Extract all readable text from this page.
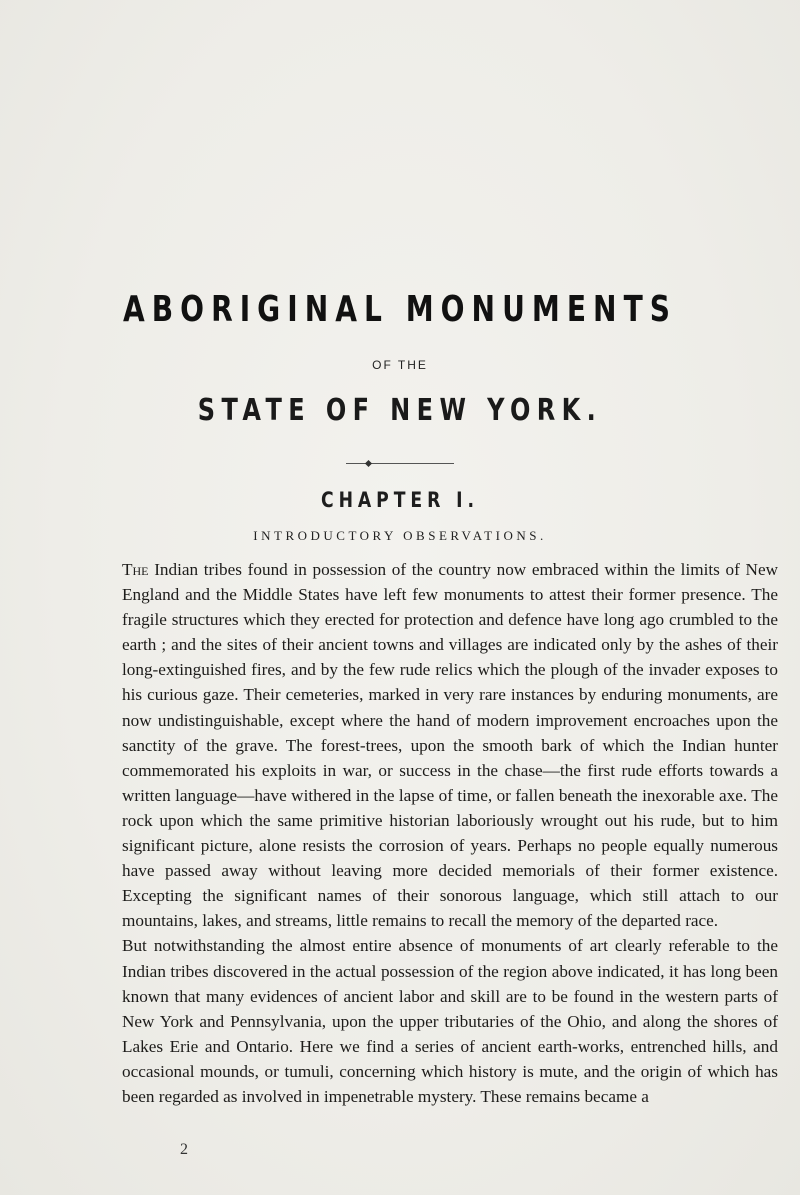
ABORIGINAL MONUMENTS
OF THE
STATE OF NEW YORK.
CHAPTER I.
INTRODUCTORY OBSERVATIONS.

The Indian tribes found in possession of the country now embraced within the limits of New England and the Middle States have left few monuments to attest their former presence. The fragile structures which they erected for protection and defence have long ago crumbled to the earth ; and the sites of their ancient towns and villages are indicated only by the ashes of their long-extinguished fires, and by the few rude relics which the plough of the invader exposes to his curious gaze. Their cemeteries, marked in very rare instances by enduring monuments, are now undistinguishable, except where the hand of modern improvement encroaches upon the sanctity of the grave. The forest-trees, upon the smooth bark of which the Indian hunter commemorated his exploits in war, or success in the chase—the first rude efforts towards a written language—have withered in the lapse of time, or fallen beneath the inexorable axe. The rock upon which the same primitive historian laboriously wrought out his rude, but to him significant picture, alone resists the corrosion of years. Perhaps no people equally numerous have passed away without leaving more decided memorials of their former existence. Excepting the significant names of their sonorous language, which still attach to our mountains, lakes, and streams, little remains to recall the memory of the departed race.

But notwithstanding the almost entire absence of monuments of art clearly referable to the Indian tribes discovered in the actual possession of the region above indicated, it has long been known that many evidences of ancient labor and skill are to be found in the western parts of New York and Pennsylvania, upon the upper tributaries of the Ohio, and along the shores of Lakes Erie and Ontario. Here we find a series of ancient earth-works, entrenched hills, and occasional mounds, or tumuli, concerning which history is mute, and the origin of which has been regarded as involved in impenetrable mystery. These remains became a

2
